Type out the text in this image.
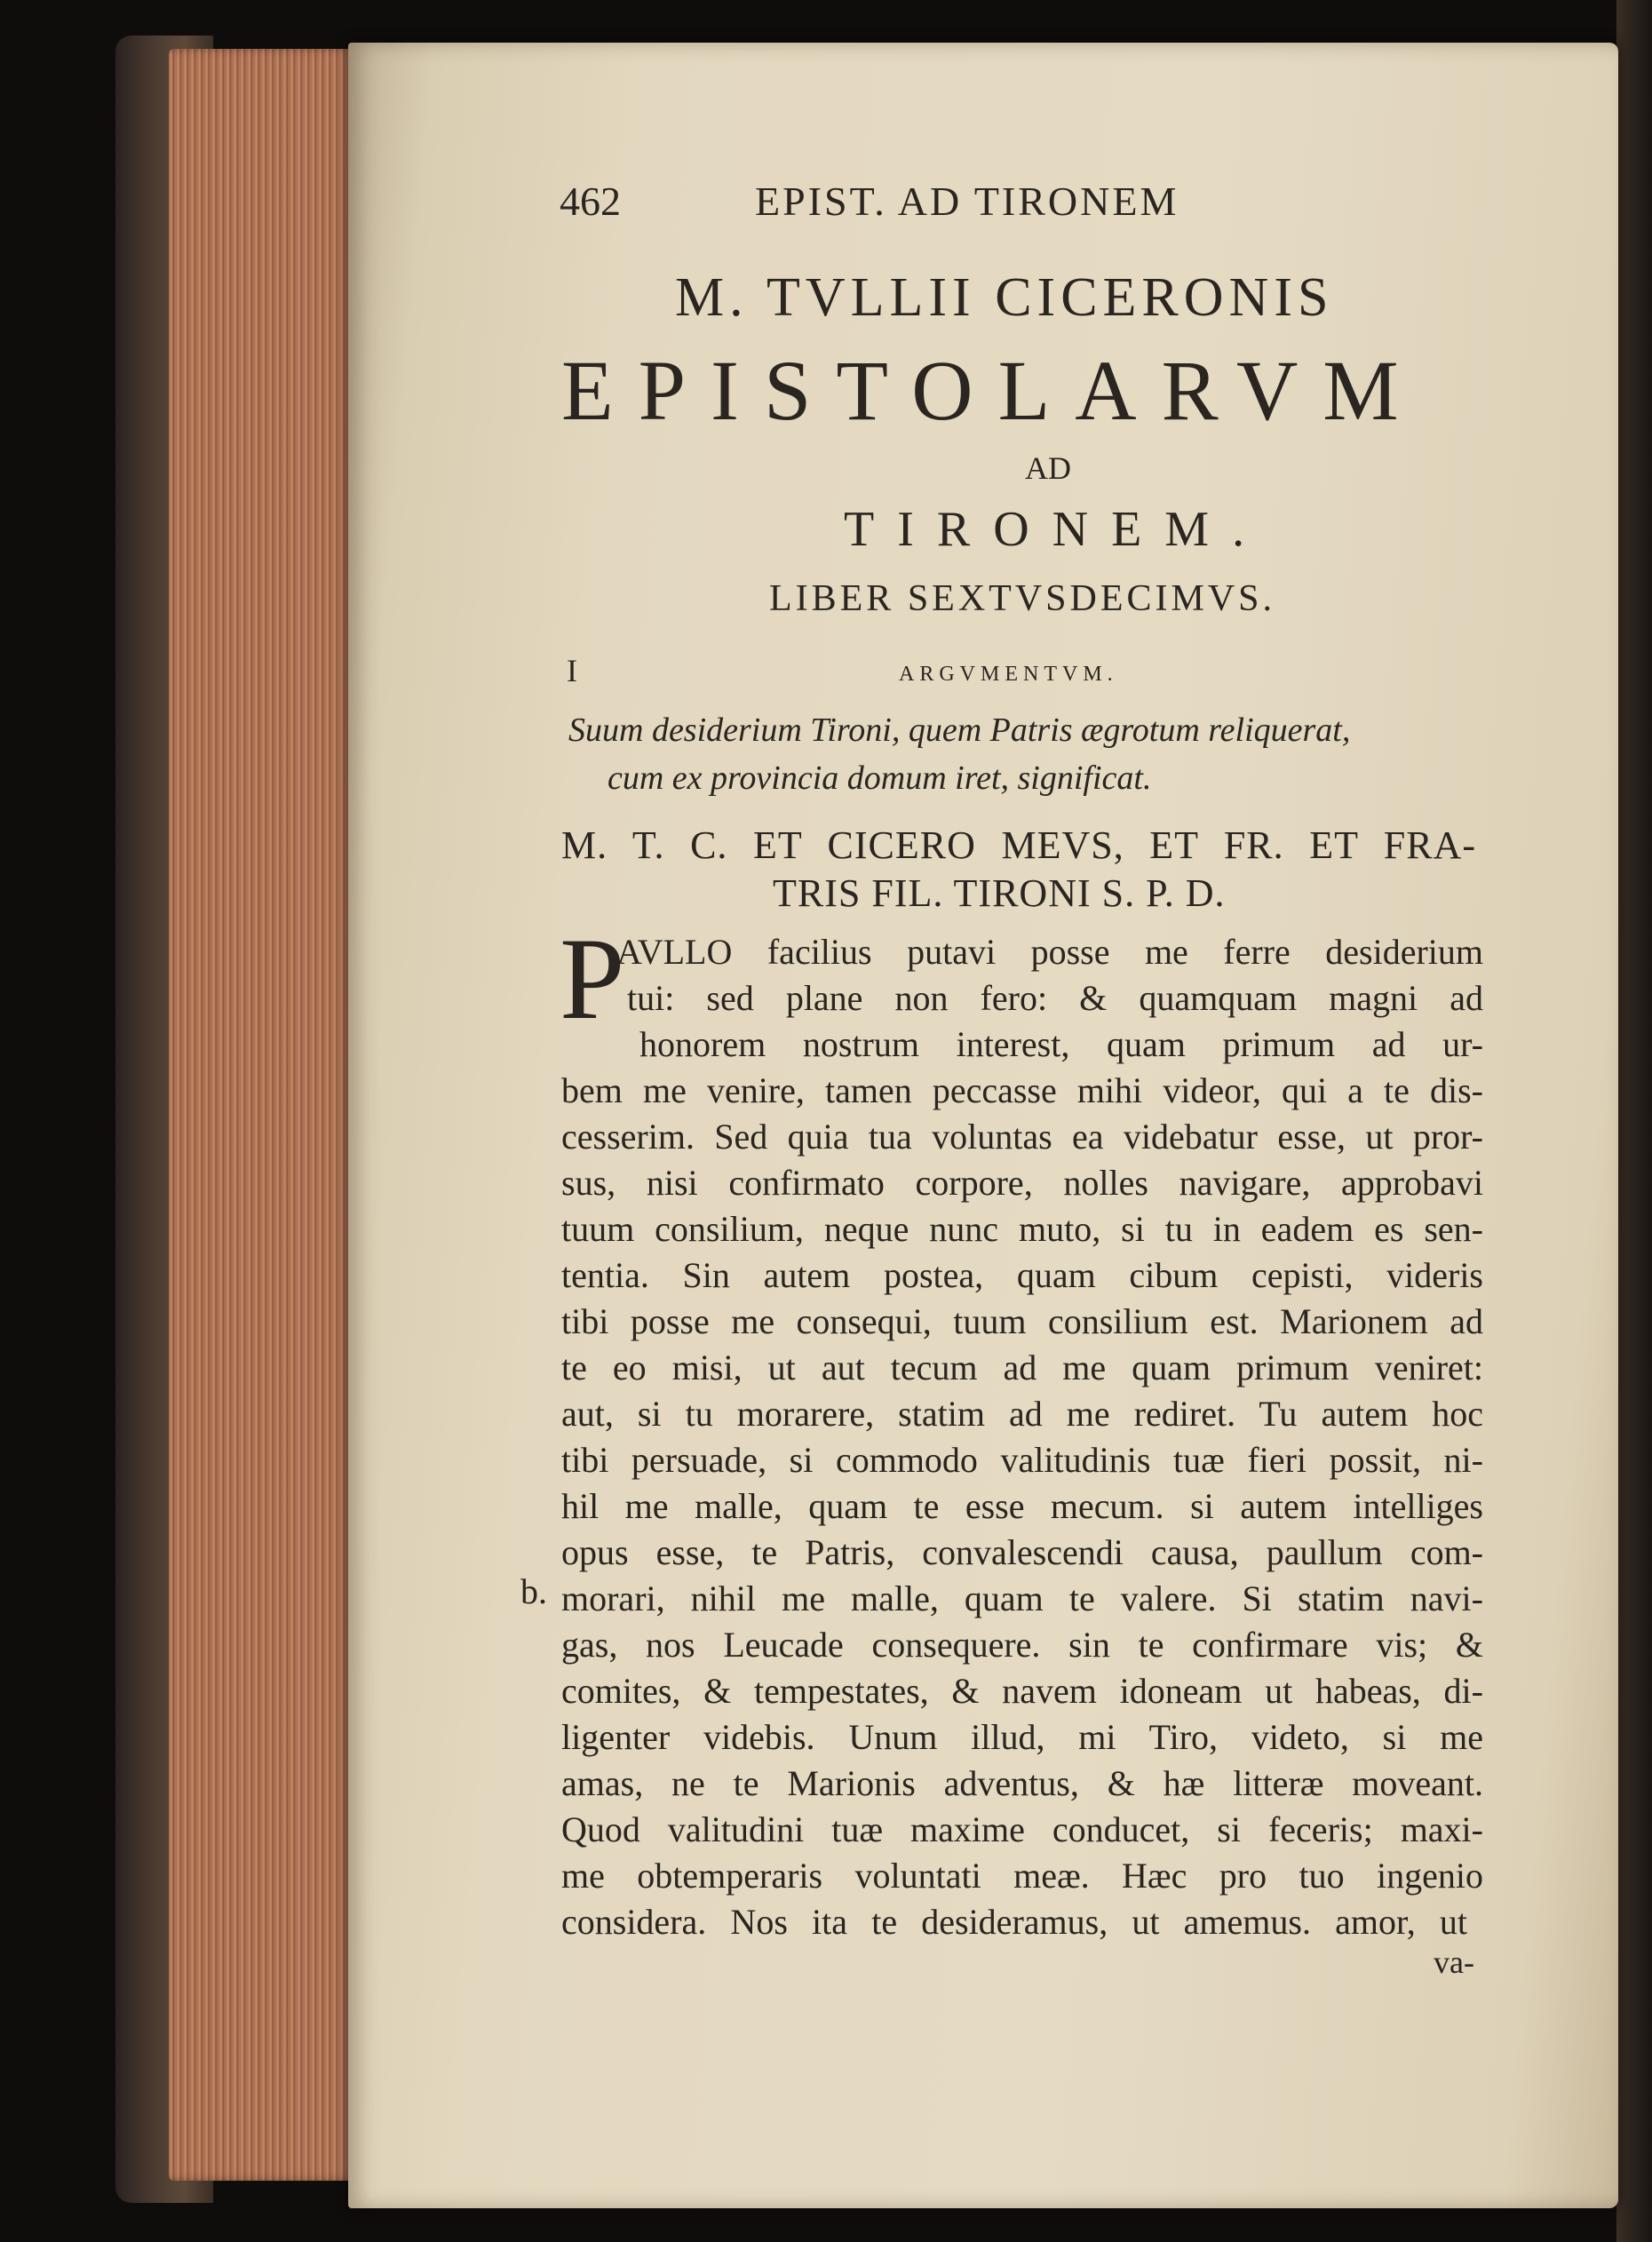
462	EPIST. AD TIRONEM
M. TVLLII CICERONIS
EPISTOLARVM
AD
TIRONEM.
LIBER SEXTVSDECIMVS.
I	ARGVMENTVM.
Suum desiderium Tironi, quem Patris ægrotum reliquerat,
cum ex provincia domum iret, significat.
M. T. C. ET CICERO MEVS, ET FR. ET FRA-
TRIS FIL. TIRONI S. P. D.
P
AVLLO facilius putavi posse me ferre desiderium
tui: sed plane non fero: & quamquam magni ad
honorem nostrum interest, quam primum ad ur-
bem me venire, tamen peccasse mihi videor, qui a te dis-
cesserim. Sed quia tua voluntas ea videbatur esse, ut pror-
sus, nisi confirmato corpore, nolles navigare, approbavi
tuum consilium, neque nunc muto, si tu in eadem es sen-
tentia. Sin autem postea, quam cibum cepisti, videris
tibi posse me consequi, tuum consilium est. Marionem ad
te eo misi, ut aut tecum ad me quam primum veniret:
aut, si tu morarere, statim ad me rediret. Tu autem hoc
tibi persuade, si commodo valitudinis tuæ fieri possit, ni-
hil me malle, quam te esse mecum. si autem intelliges
opus esse, te Patris, convalescendi causa, paullum com-
morari, nihil me malle, quam te valere. Si statim navi-
gas, nos Leucade consequere. sin te confirmare vis; &
comites, & tempestates, & navem idoneam ut habeas, di-
ligenter videbis. Unum illud, mi Tiro, videto, si me
amas, ne te Marionis adventus, & hæ litteræ moveant.
Quod valitudini tuæ maxime conducet, si feceris; maxi-
me obtemperaris voluntati meæ. Hæc pro tuo ingenio
considera. Nos ita te desideramus, ut amemus. amor, ut
b.
va-
